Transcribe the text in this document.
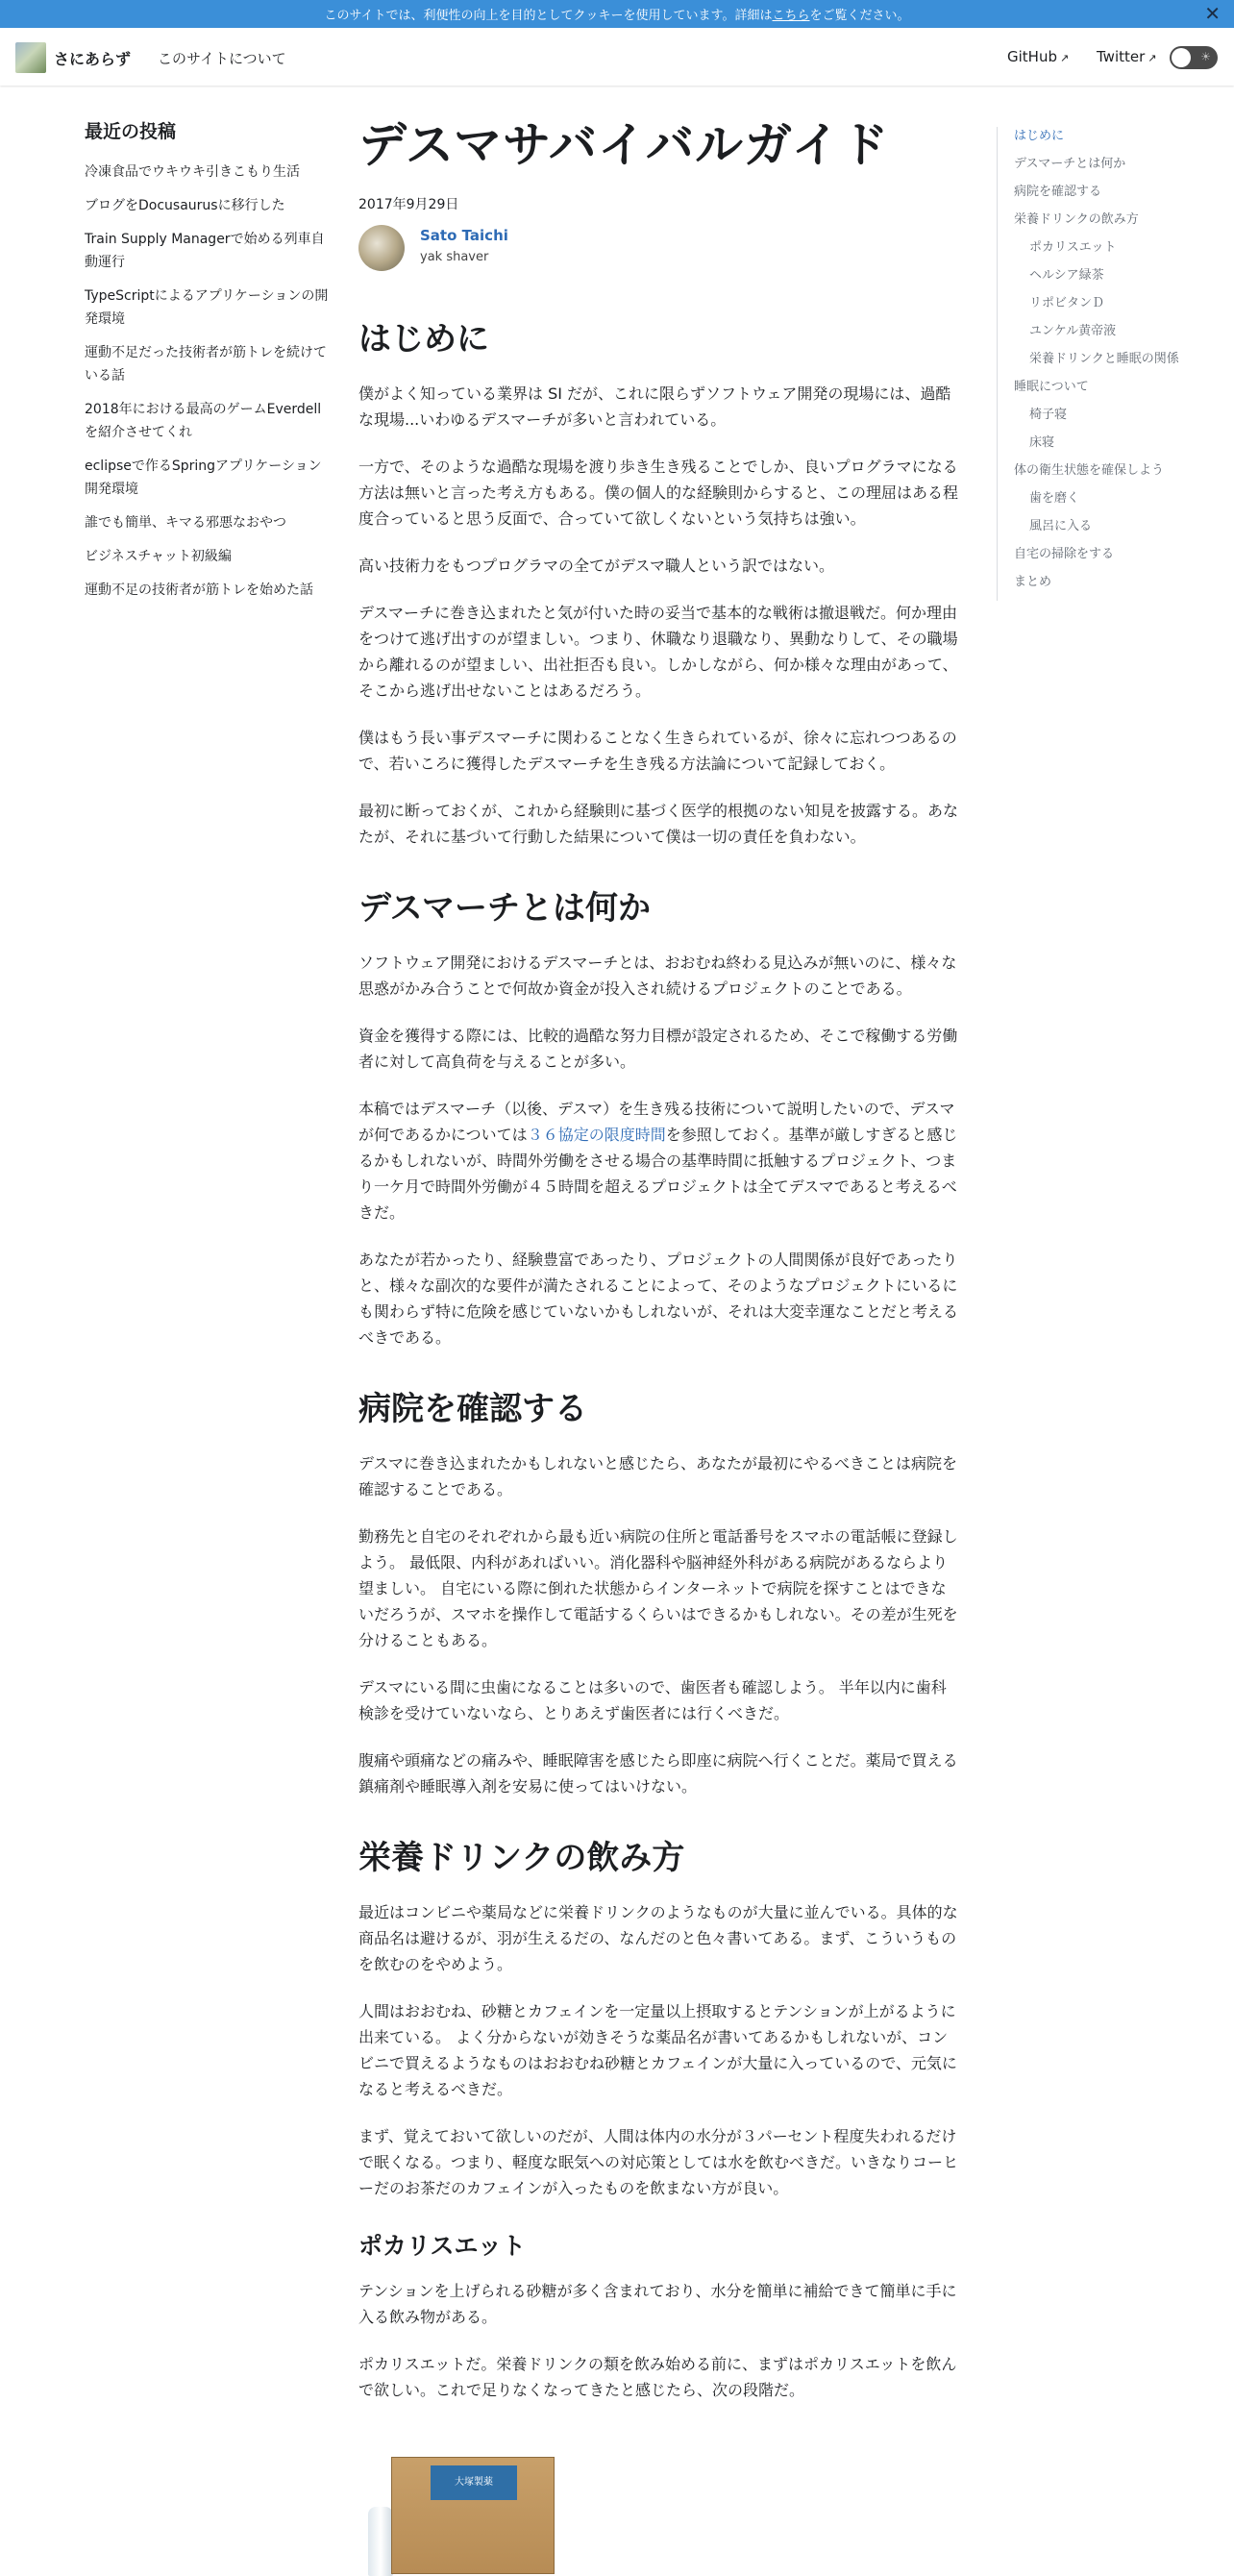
このサイトでは、利便性の向上を目的としてクッキーを使用しています。詳細は こちら をご覧ください。	✕
さにあらず このサイトについて	GitHub ↗ Twitter ↗	☀
最近の投稿
冷凍食品でウキウキ引きこもり生活
ブログをDocusaurusに移行した
Train Supply Managerで始める列車自動運行
TypeScriptによるアプリケーションの開発環境
運動不足だった技術者が筋トレを続けている話
2018年における最高のゲームEverdellを紹介させてくれ
eclipseで作るSpringアプリケーション開発環境
誰でも簡単、キマる邪悪なおやつ
ビジネスチャット初級編
運動不足の技術者が筋トレを始めた話
デスマサバイバルガイド
2017年9月29日
Sato Taichi
yak shaver
はじめに

僕がよく知っている業界は SI だが、これに限らずソフトウェア開発の現場には、過酷な現場...いわゆるデスマーチが多いと言われている。

一方で、そのような過酷な現場を渡り歩き生き残ることでしか、良いプログラマになる方法は無いと言った考え方もある。僕の個人的な経験則からすると、この理屈はある程度合っていると思う反面で、合っていて欲しくないという気持ちは強い。

高い技術力をもつプログラマの全てがデスマ職人という訳ではない。

デスマーチに巻き込まれたと気が付いた時の妥当で基本的な戦術は撤退戦だ。何か理由をつけて逃げ出すのが望ましい。つまり、休職なり退職なり、異動なりして、その職場から離れるのが望ましい、出社拒否も良い。しかしながら、何か様々な理由があって、そこから逃げ出せないことはあるだろう。

僕はもう長い事デスマーチに関わることなく生きられているが、徐々に忘れつつあるので、若いころに獲得したデスマーチを生き残る方法論について記録しておく。

最初に断っておくが、これから経験則に基づく医学的根拠のない知見を披露する。あなたが、それに基づいて行動した結果について僕は一切の責任を負わない。

デスマーチとは何か

ソフトウェア開発におけるデスマーチとは、おおむね終わる見込みが無いのに、様々な思惑がかみ合うことで何故か資金が投入され続けるプロジェクトのことである。

資金を獲得する際には、比較的過酷な努力目標が設定されるため、そこで稼働する労働者に対して高負荷を与えることが多い。

本稿ではデスマーチ（以後、デスマ）を生き残る技術について説明したいので、デスマが何であるかについては３６協定の限度時間を参照しておく。基準が厳しすぎると感じるかもしれないが、時間外労働をさせる場合の基準時間に抵触するプロジェクト、つまり一ケ月で時間外労働が４５時間を超えるプロジェクトは全てデスマであると考えるべきだ。

あなたが若かったり、経験豊富であったり、プロジェクトの人間関係が良好であったりと、様々な副次的な要件が満たされることによって、そのようなプロジェクトにいるにも関わらず特に危険を感じていないかもしれないが、それは大変幸運なことだと考えるべきである。

病院を確認する

デスマに巻き込まれたかもしれないと感じたら、あなたが最初にやるべきことは病院を確認することである。

勤務先と自宅のそれぞれから最も近い病院の住所と電話番号をスマホの電話帳に登録しよう。 最低限、内科があればいい。消化器科や脳神経外科がある病院があるならより望ましい。 自宅にいる際に倒れた状態からインターネットで病院を探すことはできないだろうが、スマホを操作して電話するくらいはできるかもしれない。その差が生死を分けることもある。

デスマにいる間に虫歯になることは多いので、歯医者も確認しよう。 半年以内に歯科検診を受けていないなら、とりあえず歯医者には行くべきだ。

腹痛や頭痛などの痛みや、睡眠障害を感じたら即座に病院へ行くことだ。薬局で買える鎮痛剤や睡眠導入剤を安易に使ってはいけない。

栄養ドリンクの飲み方

最近はコンビニや薬局などに栄養ドリンクのようなものが大量に並んでいる。具体的な商品名は避けるが、羽が生えるだの、なんだのと色々書いてある。まず、こういうものを飲むのをやめよう。

人間はおおむね、砂糖とカフェインを一定量以上摂取するとテンションが上がるように出来ている。 よく分からないが効きそうな薬品名が書いてあるかもしれないが、コンビニで買えるようなものはおおむね砂糖とカフェインが大量に入っているので、元気になると考えるべきだ。

まず、覚えておいて欲しいのだが、人間は体内の水分が３パーセント程度失われるだけで眠くなる。つまり、軽度な眠気への対応策としては水を飲むべきだ。いきなりコーヒーだのお茶だのカフェインが入ったものを飲まない方が良い。

ポカリスエット

テンションを上げられる砂糖が多く含まれており、水分を簡単に補給できて簡単に手に入る飲み物がある。

ポカリスエットだ。栄養ドリンクの類を飲み始める前に、まずはポカリスエットを飲んで欲しい。これで足りなくなってきたと感じたら、次の段階だ。

大塚製薬
はじめに
デスマーチとは何か
病院を確認する
栄養ドリンクの飲み方
ポカリスエット
ヘルシア緑茶
リポビタンＤ
ユンケル黄帝液
栄養ドリンクと睡眠の関係
睡眠について
椅子寝
床寝
体の衛生状態を確保しよう
歯を磨く
風呂に入る
自宅の掃除をする
まとめ
